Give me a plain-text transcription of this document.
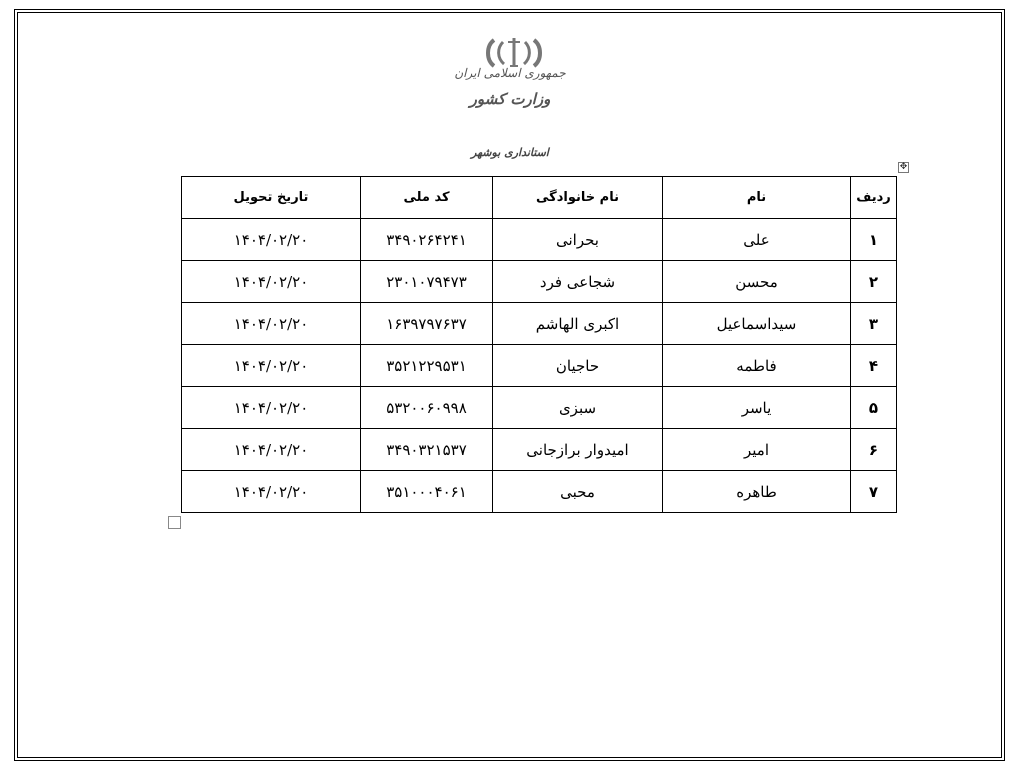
جمهوری اسلامی ایران
وزارت کشور
استانداری بوشهر
✥
ردیف	نام	نام خانوادگی	کد ملی	تاریخ تحویل
۱	علی	بحرانی	۳۴۹۰۲۶۴۲۴۱	۱۴۰۴/۰۲/۲۰
۲	محسن	شجاعی فرد	۲۳۰۱۰۷۹۴۷۳	۱۴۰۴/۰۲/۲۰
۳	سیداسماعیل	اکبری الهاشم	۱۶۳۹۷۹۷۶۳۷	۱۴۰۴/۰۲/۲۰
۴	فاطمه	حاجیان	۳۵۲۱۲۲۹۵۳۱	۱۴۰۴/۰۲/۲۰
۵	یاسر	سبزی	۵۳۲۰۰۶۰۹۹۸	۱۴۰۴/۰۲/۲۰
۶	امیر	امیدوار برازجانی	۳۴۹۰۳۲۱۵۳۷	۱۴۰۴/۰۲/۲۰
۷	طاهره	محبی	۳۵۱۰۰۰۴۰۶۱	۱۴۰۴/۰۲/۲۰
